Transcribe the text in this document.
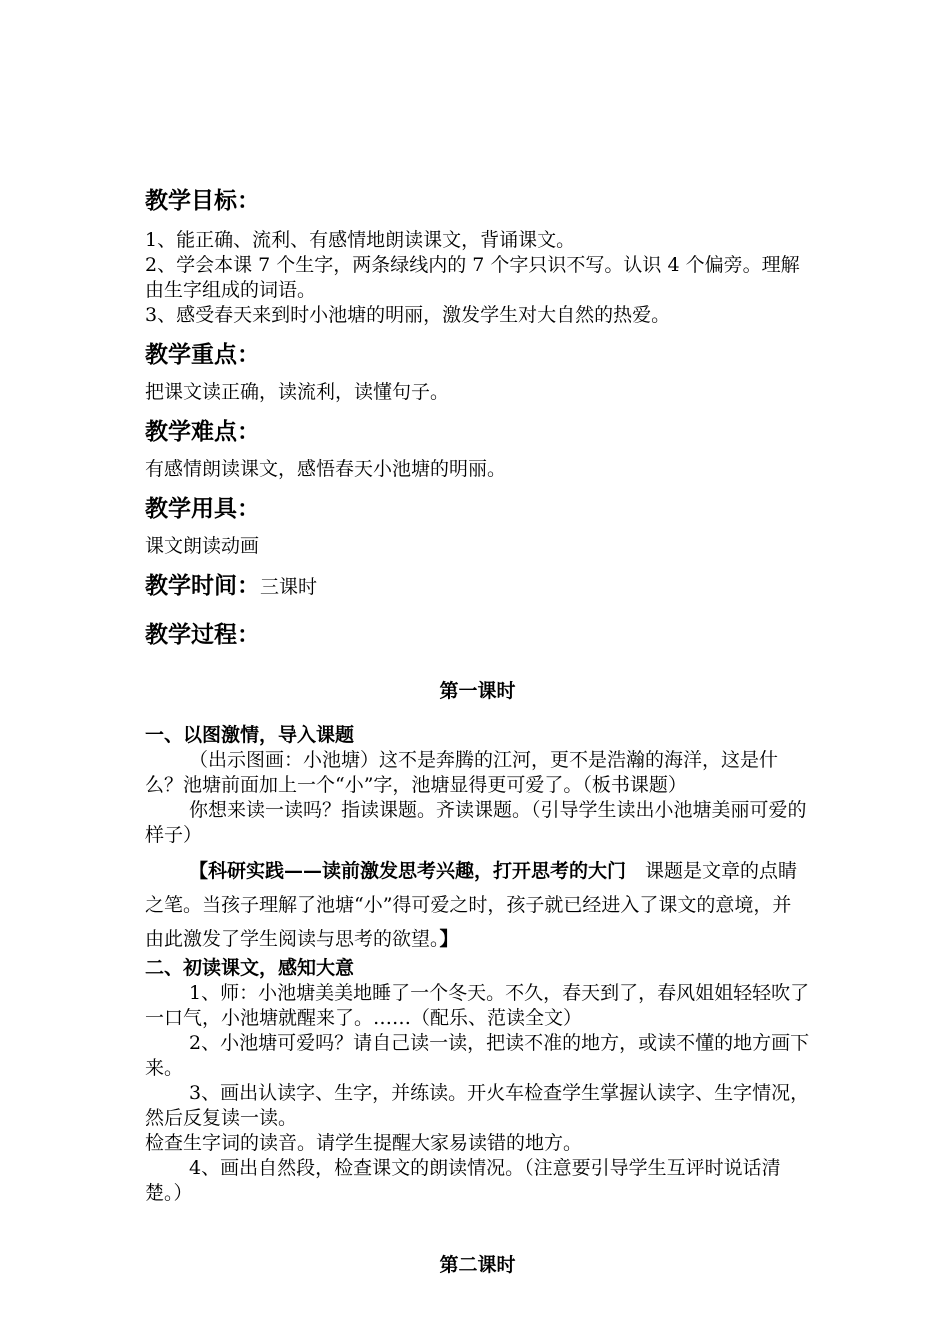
教学目标：

1、能正确、流利、有感情地朗读课文，背诵课文。

2、学会本课 7 个生字，两条绿线内的 7 个字只识不写。认识 4 个偏旁。理解由生字组成的词语。

3、感受春天来到时小池塘的明丽，激发学生对大自然的热爱。

教学重点：

把课文读正确，读流利，读懂句子。

教学难点：

有感情朗读课文，感悟春天小池塘的明丽。

教学用具：

课文朗读动画

教学时间：三课时

教学过程：

第一课时

一、以图激情，导入课题

（出示图画：小池塘）这不是奔腾的江河，更不是浩瀚的海洋，这是什么？池塘前面加上一个“小”字，池塘显得更可爱了。（板书课题）

你想来读一读吗？指读课题。齐读课题。（引导学生读出小池塘美丽可爱的样子）

【科研实践——读前激发思考兴趣，打开思考的大门　课题是文章的点睛之笔。当孩子理解了池塘“小”得可爱之时，孩子就已经进入了课文的意境，并由此激发了学生阅读与思考的欲望。】

二、初读课文，感知大意

1、师：小池塘美美地睡了一个冬天。不久，春天到了，春风姐姐轻轻吹了一口气，小池塘就醒来了。……（配乐、范读全文）

2、小池塘可爱吗？请自己读一读，把读不准的地方，或读不懂的地方画下来。

3、画出认读字、生字，并练读。开火车检查学生掌握认读字、生字情况，然后反复读一读。

检查生字词的读音。请学生提醒大家易读错的地方。

4、画出自然段，检查课文的朗读情况。（注意要引导学生互评时说话清楚。）

第二课时
